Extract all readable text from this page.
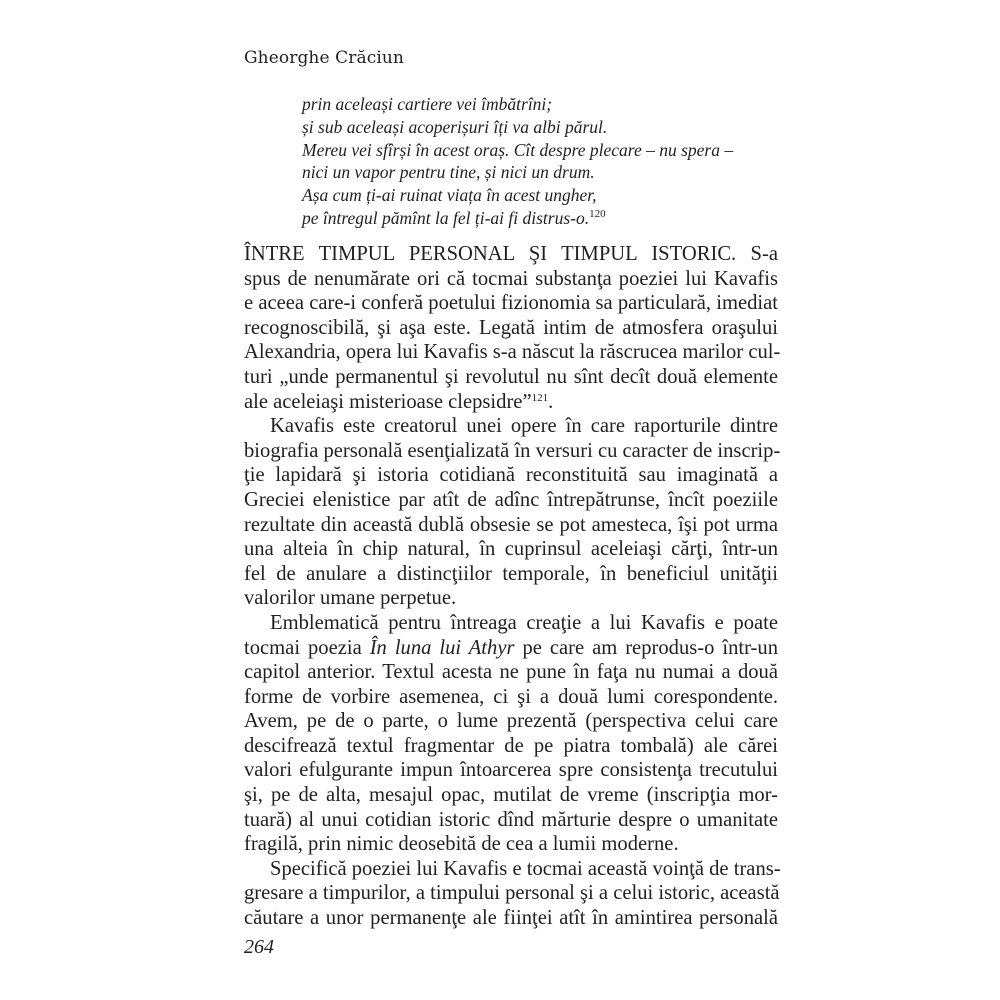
Gheorghe Crăciun
prin aceleași cartiere vei îmbătrîni;
și sub aceleași acoperișuri îți va albi părul.
Mereu vei sfîrși în acest oraș. Cît despre plecare – nu spera –
nici un vapor pentru tine, și nici un drum.
Așa cum ți-ai ruinat viața în acest ungher,
pe întregul pămînt la fel ți-ai fi distrus-o.$^{120}$

ÎNTRE TIMPUL PERSONAL ŞI TIMPUL ISTORIC. S-a
spus de nenumărate ori că tocmai substanţa poeziei lui Kavafis
e aceea care-i conferă poetului fizionomia sa particulară, imediat
recognoscibilă, şi aşa este. Legată intim de atmosfera oraşului
Alexandria, opera lui Kavafis s-a născut la răscrucea marilor cul-
turi „unde permanentul şi revolutul nu sînt decît două elemente
ale aceleiaşi misterioase clepsidre”$^{121}$.

Kavafis este creatorul unei opere în care raporturile dintre
biografia personală esenţializată în versuri cu caracter de inscrip-
ţie lapidară şi istoria cotidiană reconstituită sau imaginată a
Greciei elenistice par atît de adînc întrepătrunse, încît poeziile
rezultate din această dublă obsesie se pot amesteca, îşi pot urma
una alteia în chip natural, în cuprinsul aceleiaşi cărţi, într-un
fel de anulare a distincţiilor temporale, în beneficiul unităţii
valorilor umane perpetue.

Emblematică pentru întreaga creaţie a lui Kavafis e poate
tocmai poezia În luna lui Athyr pe care am reprodus-o într-un
capitol anterior. Textul acesta ne pune în faţa nu numai a două
forme de vorbire asemenea, ci şi a două lumi corespondente.
Avem, pe de o parte, o lume prezentă (perspectiva celui care
descifrează textul fragmentar de pe piatra tombală) ale cărei
valori efulgurante impun întoarcerea spre consistenţa trecutului
şi, pe de alta, mesajul opac, mutilat de vreme (inscripţia mor-
tuară) al unui cotidian istoric dînd mărturie despre o umanitate
fragilă, prin nimic deosebită de cea a lumii moderne.

Specifică poeziei lui Kavafis e tocmai această voinţă de trans-
gresare a timpurilor, a timpului personal şi a celui istoric, această
căutare a unor permanenţe ale fiinţei atît în amintirea personală

264
